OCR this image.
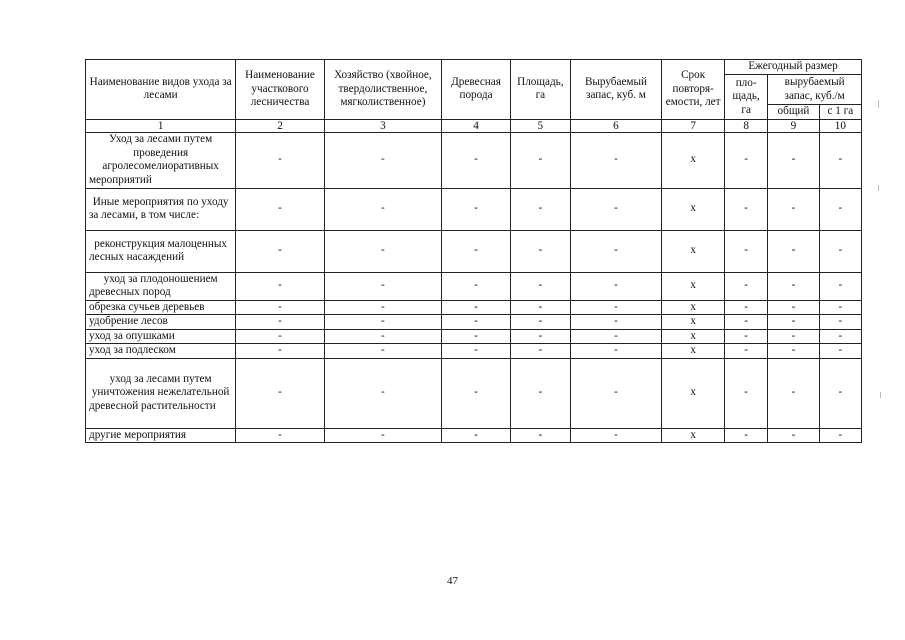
Наименование видов ухода за лесами	Наименование участкового лесничества	Хозяйство (хвойное, твердолиственное, мягколиственное)	Древесная порода	Площадь, га	Вырубаемый запас, куб. м	Срок повторя-емости, лет	Ежегодный размер		
							пло-щадь, га	вырубаемый запас, куб./м	
								общий	с 1 га
1	2	3	4	5	6	7	8	9	10
Уход за лесами путем проведения агролесомелиоративных мероприятий	-	-	-	-	-	х	-	-	-
Иные мероприятия по уходу за лесами, в том числе:	-	-	-	-	-	х	-	-	-
реконструкция малоценных лесных насаждений	-	-	-	-	-	х	-	-	-
уход за плодоношением древесных пород	-	-	-	-	-	х	-	-	-
обрезка сучьев деревьев	-	-	-	-	-	х	-	-	-
удобрение лесов	-	-	-	-	-	х	-	-	-
уход за опушками	-	-	-	-	-	х	-	-	-
уход за подлеском	-	-	-	-	-	х	-	-	-
уход за лесами путем уничтожения нежелательной древесной растительности	-	-	-	-	-	х	-	-	-
другие мероприятия	-	-	-	-	-	х	-	-	-
47
